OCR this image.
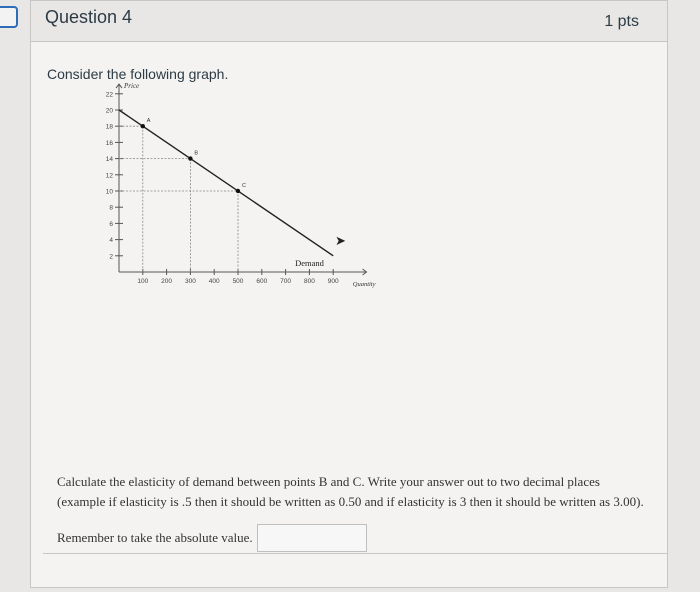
Question 4	1 pts
Consider the following graph.
Price
Quantity
2
4
6
8
10
12
14
16
18
20
22
100 200 300 400 500 600 700 800 900
A
B
C
Demand
➤
Calculate the elasticity of demand between points B and C. Write your answer out to two decimal places
(example if elasticity is .5 then it should be written as 0.50 and if elasticity is 3 then it should be written as 3.00).
Remember to take the absolute value.
